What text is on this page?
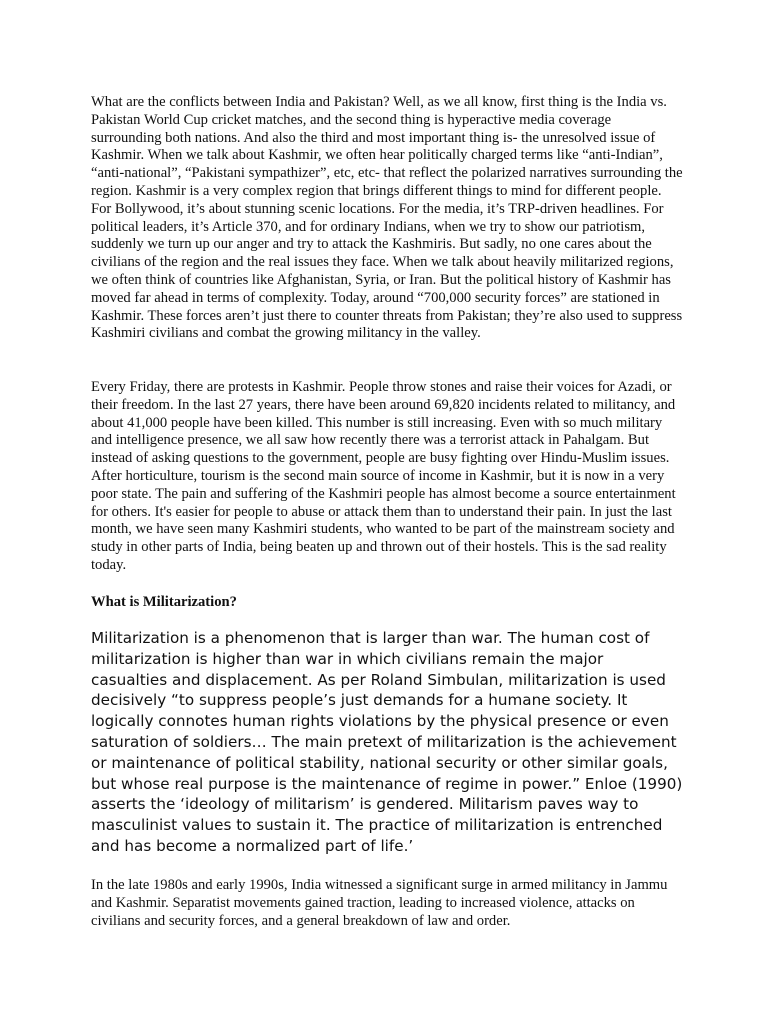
What are the conflicts between India and Pakistan? Well, as we all know, first thing is the India vs. Pakistan World Cup cricket matches, and the second thing is hyperactive media coverage surrounding both nations. And also the third and most important thing is- the unresolved issue of Kashmir. When we talk about Kashmir, we often hear politically charged terms like “anti-Indian”, “anti-national”, “Pakistani sympathizer”, etc, etc- that reflect the polarized narratives surrounding the region. Kashmir is a very complex region that brings different things to mind for different people. For Bollywood, it’s about stunning scenic locations. For the media, it’s TRP-driven headlines. For political leaders, it’s Article 370, and for ordinary Indians, when we try to show our patriotism, suddenly we turn up our anger and try to attack the Kashmiris. But sadly, no one cares about the civilians of the region and the real issues they face. When we talk about heavily militarized regions, we often think of countries like Afghanistan, Syria, or Iran. But the political history of Kashmir has moved far ahead in terms of complexity. Today, around “700,000 security forces” are stationed in Kashmir. These forces aren’t just there to counter threats from Pakistan; they’re also used to suppress Kashmiri civilians and combat the growing militancy in the valley.

Every Friday, there are protests in Kashmir. People throw stones and raise their voices for Azadi, or their freedom. In the last 27 years, there have been around 69,820 incidents related to militancy, and about 41,000 people have been killed. This number is still increasing. Even with so much military and intelligence presence, we all saw how recently there was a terrorist attack in Pahalgam. But instead of asking questions to the government, people are busy fighting over Hindu-Muslim issues. After horticulture, tourism is the second main source of income in Kashmir, but it is now in a very poor state. The pain and suffering of the Kashmiri people has almost become a source entertainment for others. It's easier for people to abuse or attack them than to understand their pain. In just the last month, we have seen many Kashmiri students, who wanted to be part of the mainstream society and study in other parts of India, being beaten up and thrown out of their hostels. This is the sad reality today.

What is Militarization?

Militarization is a phenomenon that is larger than war. The human cost of militarization is higher than war in which civilians remain the major casualties and displacement. As per Roland Simbulan, militarization is used decisively “to suppress people’s just demands for a humane society. It logically connotes human rights violations by the physical presence or even saturation of soldiers… The main pretext of militarization is the achievement or maintenance of political stability, national security or other similar goals, but whose real purpose is the maintenance of regime in power.” Enloe (1990) asserts the ‘ideology of militarism’ is gendered. Militarism paves way to masculinist values to sustain it. The practice of militarization is entrenched and has become a normalized part of life.’

In the late 1980s and early 1990s, India witnessed a significant surge in armed militancy in Jammu and Kashmir. Separatist movements gained traction, leading to increased violence, attacks on civilians and security forces, and a general breakdown of law and order.
